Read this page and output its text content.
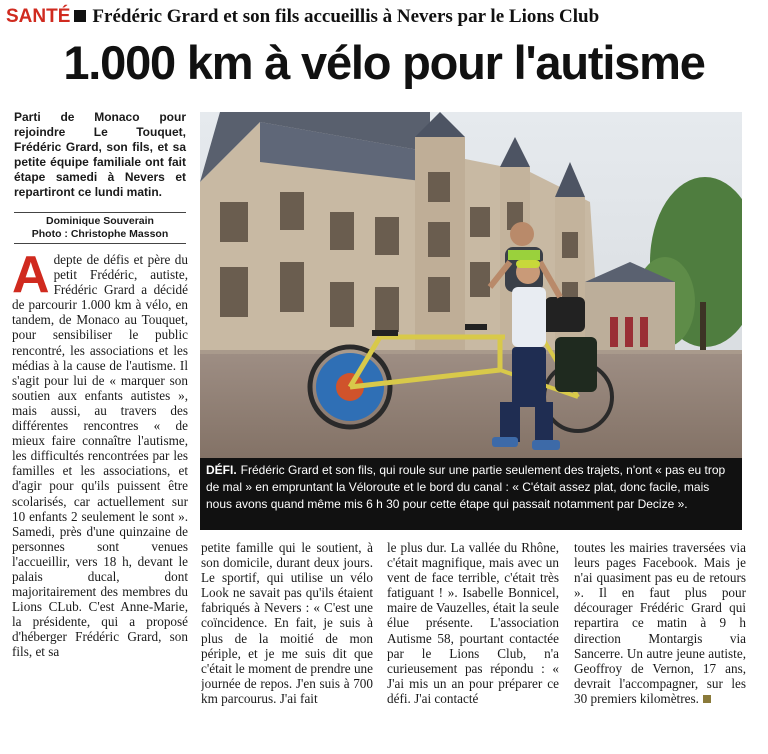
SANTÉ Frédéric Grard et son fils accueillis à Nevers par le Lions Club
1.000 km à vélo pour l'autisme

Parti de Monaco pour rejoindre Le Touquet, Frédéric Grard, son fils, et sa petite équipe familiale ont fait étape samedi à Nevers et repartiront ce lundi matin.

Dominique Souverain
Photo : Christophe Masson
DÉFI. Frédéric Grard et son fils, qui roule sur une partie seulement des trajets, n'ont « pas eu trop de mal » en empruntant la Véloroute et le bord du canal : « C'était assez plat, donc facile, mais nous avons quand même mis 6 h 30 pour cette étape qui passait notamment par Decize ».

Adepte de défis et père du petit Frédéric, autiste, Frédéric Grard a décidé de parcourir 1.000 km à vélo, en tandem, de Monaco au Touquet, pour sensibiliser le public rencontré, les associations et les médias à la cause de l'autisme. Il s'agit pour lui de « marquer son soutien aux enfants autistes », mais aussi, au travers des différentes rencontres « de mieux faire connaître l'autisme, les difficultés rencontrées par les familles et les associations, et d'agir pour qu'ils puissent être scolarisés, car actuellement sur 10 enfants 2 seulement le sont ». Samedi, près d'une quinzaine de personnes sont venues l'accueillir, vers 18 h, devant le palais ducal, dont majoritairement des membres du Lions CLub. C'est Anne-Marie, la présidente, qui a proposé d'héberger Frédéric Grard, son fils, et sa

petite famille qui le soutient, à son domicile, durant deux jours. Le sportif, qui utilise un vélo Look ne savait pas qu'ils étaient fabriqués à Nevers : « C'est une coïncidence. En fait, je suis à plus de la moitié de mon périple, et je me suis dit que c'était le moment de prendre une journée de repos. J'en suis à 700 km parcourus. J'ai fait

le plus dur. La vallée du Rhône, c'était magnifique, mais avec un vent de face terrible, c'était très fatiguant ! ». Isabelle Bonnicel, maire de Vauzelles, était la seule élue présente. L'association Autisme 58, pourtant contactée par le Lions Club, n'a curieusement pas répondu : « J'ai mis un an pour préparer ce défi. J'ai contacté

toutes les mairies traversées via leurs pages Facebook. Mais je n'ai quasiment pas eu de retours ». Il en faut plus pour décourager Frédéric Grard qui repartira ce matin à 9 h direction Montargis via Sancerre. Un autre jeune autiste, Geoffroy de Vernon, 17 ans, devrait l'accompagner, sur les 30 premiers kilomètres.
